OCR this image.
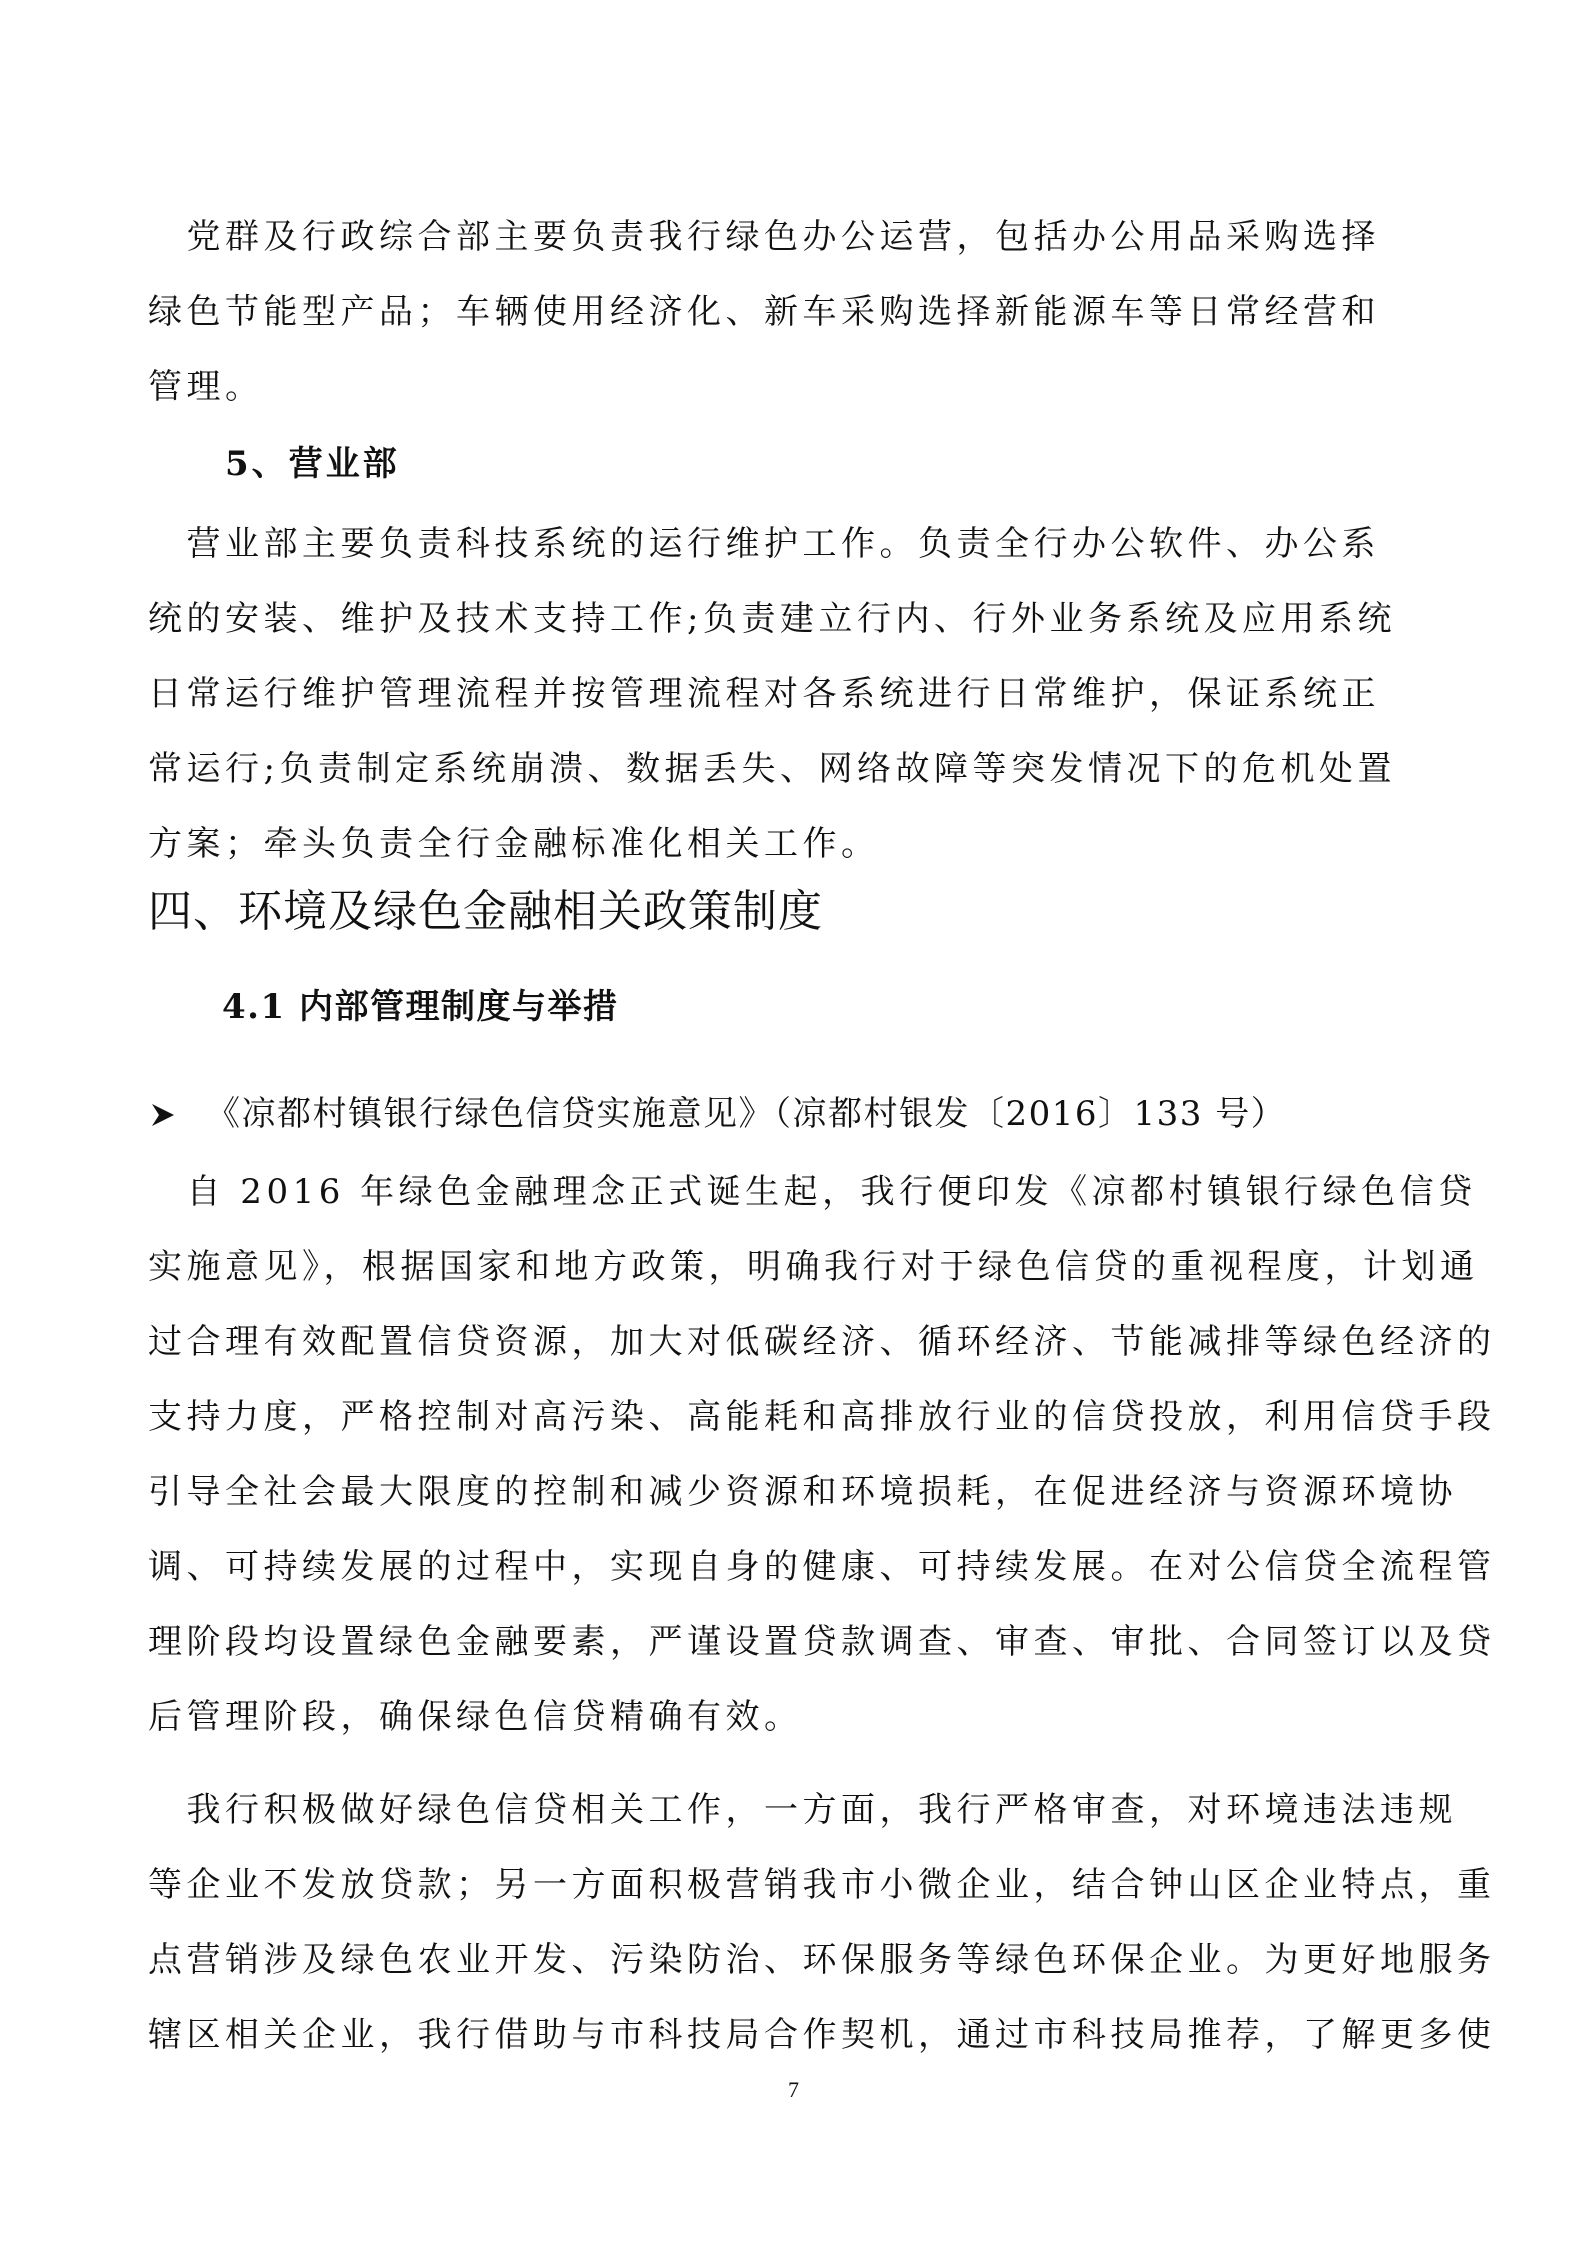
　党群及行政综合部主要负责我行绿色办公运营，包括办公用品采购选择
绿色节能型产品；车辆使用经济化、新车采购选择新能源车等日常经营和
管理。
5、营业部
　营业部主要负责科技系统的运行维护工作。负责全行办公软件、办公系
统的安装、维护及技术支持工作;负责建立行内、行外业务系统及应用系统
日常运行维护管理流程并按管理流程对各系统进行日常维护，保证系统正
常运行;负责制定系统崩溃、数据丢失、网络故障等突发情况下的危机处置
方案；牵头负责全行金融标准化相关工作。
四、环境及绿色金融相关政策制度
4.1 内部管理制度与举措
《凉都村镇银行绿色信贷实施意见》（凉都村银发〔2016〕133 号）
　自 2016 年绿色金融理念正式诞生起，我行便印发《凉都村镇银行绿色信贷
实施意见》，根据国家和地方政策，明确我行对于绿色信贷的重视程度，计划通
过合理有效配置信贷资源，加大对低碳经济、循环经济、节能减排等绿色经济的
支持力度，严格控制对高污染、高能耗和高排放行业的信贷投放，利用信贷手段
引导全社会最大限度的控制和减少资源和环境损耗，在促进经济与资源环境协
调、可持续发展的过程中，实现自身的健康、可持续发展。在对公信贷全流程管
理阶段均设置绿色金融要素，严谨设置贷款调查、审查、审批、合同签订以及贷
后管理阶段，确保绿色信贷精确有效。
　我行积极做好绿色信贷相关工作，一方面，我行严格审查，对环境违法违规
等企业不发放贷款；另一方面积极营销我市小微企业，结合钟山区企业特点，重
点营销涉及绿色农业开发、污染防治、环保服务等绿色环保企业。为更好地服务
辖区相关企业，我行借助与市科技局合作契机，通过市科技局推荐，了解更多使
7
